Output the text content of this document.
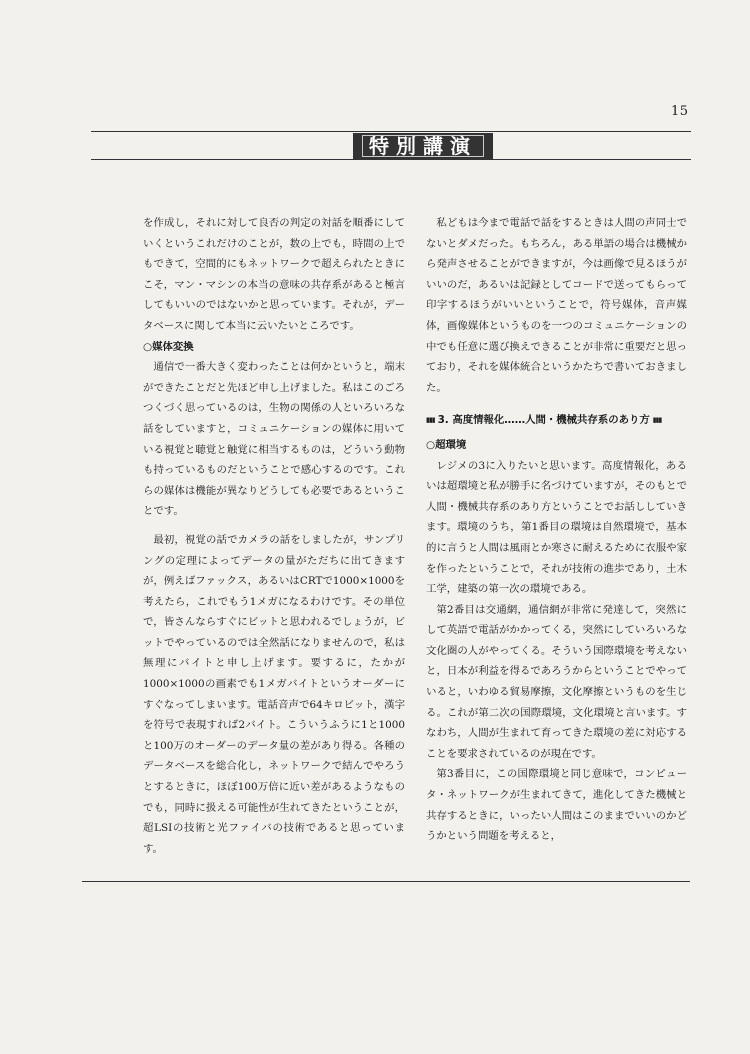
15
特別講演

を作成し，それに対して良否の判定の対話を順番にしていくというこれだけのことが，数の上でも，時間の上でもできて，空間的にもネットワークで超えられたときにこそ，マン・マシンの本当の意味の共存系があると極言してもいいのではないかと思っています。それが，データベースに関して本当に云いたいところです。

○媒体変換

通信で一番大きく変わったことは何かというと，端末ができたことだと先ほど申し上げました。私はこのごろつくづく思っているのは，生物の関係の人といろいろな話をしていますと，コミュニケーションの媒体に用いている視覚と聴覚と触覚に相当するものは，どういう動物も持っているものだということで感心するのです。これらの媒体は機能が異なりどうしても必要であるということです。

最初，視覚の話でカメラの話をしましたが，サンプリングの定理によってデータの量がただちに出てきますが，例えばファックス，あるいはCRTで1000×1000を考えたら，これでもう1メガになるわけです。その単位で，皆さんならすぐにビットと思われるでしょうが，ビットでやっているのでは全然話になりませんので，私は無理にバイトと申し上げます。要するに，たかが1000×1000の画素でも1メガバイトというオーダーにすぐなってしまいます。電話音声で64キロビット，漢字を符号で表現すれば2バイト。こういうふうに1と1000と100万のオーダーのデータ量の差があり得る。各種のデータベースを総合化し，ネットワークで結んでやろうとするときに，ほぼ100万倍に近い差があるようなものでも，同時に扱える可能性が生れてきたということが，超LSIの技術と光ファイバの技術であると思っています。

私どもは今まで電話で話をするときは人間の声同士でないとダメだった。もちろん，ある単語の場合は機械から発声させることができますが，今は画像で見るほうがいいのだ，あるいは記録としてコードで送ってもらって印字するほうがいいということで，符号媒体，音声媒体，画像媒体というものを一つのコミュニケーションの中でも任意に選び換えできることが非常に重要だと思っており，それを媒体統合というかたちで書いておきました。

▮▮▮ 3. 高度情報化……人間・機械共存系のあり方 ▮▮▮
○超環境

レジメの3に入りたいと思います。高度情報化，あるいは超環境と私が勝手に名づけていますが，そのもとで人間・機械共存系のあり方ということでお話ししていきます。環境のうち，第1番目の環境は自然環境で，基本的に言うと人間は風雨とか寒さに耐えるために衣服や家を作ったということで，それが技術の進歩であり，土木工学，建築の第一次の環境である。

第2番目は交通網，通信網が非常に発達して，突然にして英語で電話がかかってくる，突然にしていろいろな文化圏の人がやってくる。そういう国際環境を考えないと，日本が利益を得るであろうからということでやっていると，いわゆる貿易摩擦，文化摩擦というものを生じる。これが第二次の国際環境，文化環境と言います。すなわち，人間が生まれて育ってきた環境の差に対応することを要求されているのが現在です。

第3番目に，この国際環境と同じ意味で，コンピュータ・ネットワークが生まれてきて，進化してきた機械と共存するときに，いったい人間はこのままでいいのかどうかという問題を考えると，
